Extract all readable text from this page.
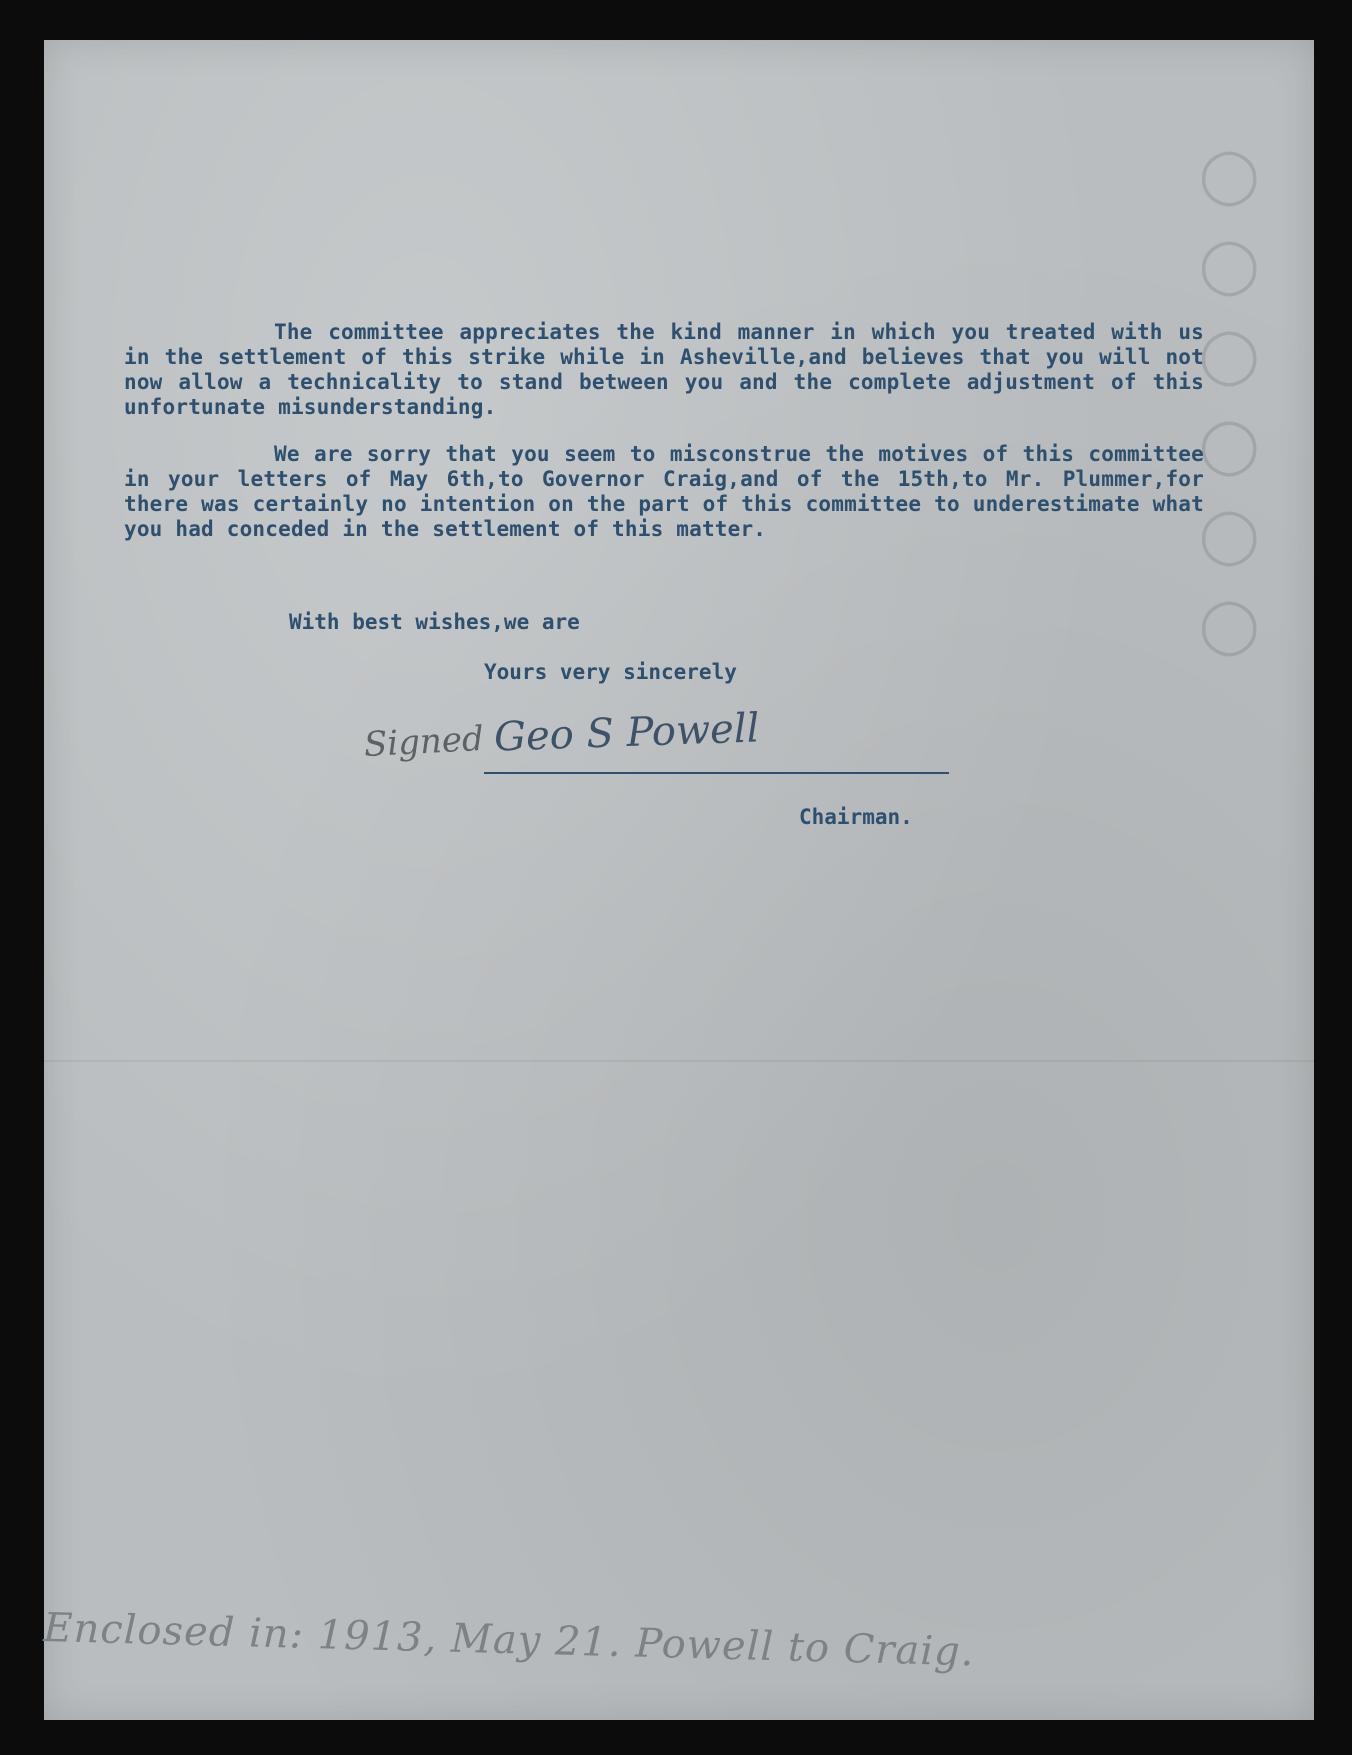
◯
◯
◯
◯
◯
◯

The committee appreciates the kind manner in which you treated with us in the settlement of this strike while in Asheville,and believes that you will not now allow a technicality to stand between you and the complete adjustment of this unfortunate misunderstanding.

We are sorry that you seem to misconstrue the motives of this committee in your letters of May 6th,to Governor Craig,and of the 15th,to Mr. Plummer,for there was certainly no intention on the part of this committee to underestimate what you had conceded in the settlement of this matter.

With best wishes,we are
Yours very sincerely
Signed Geo S Powell
Chairman.
Enclosed in: 1913, May 21. Powell to Craig.
